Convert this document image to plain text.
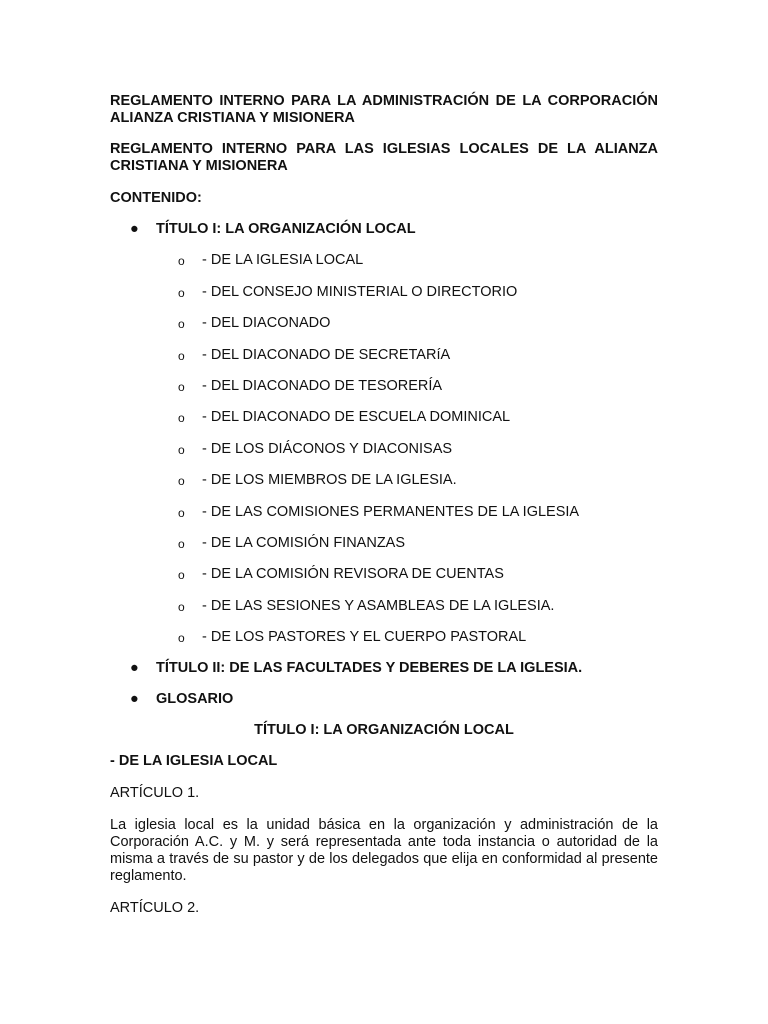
REGLAMENTO INTERNO PARA LA ADMINISTRACIÓN DE LA CORPORACIÓN ALIANZA CRISTIANA Y MISIONERA

REGLAMENTO INTERNO PARA LAS IGLESIAS LOCALES DE LA ALIANZA CRISTIANA Y MISIONERA

CONTENIDO:

● TÍTULO I: LA ORGANIZACIÓN LOCAL
o - DE LA IGLESIA LOCAL
o - DEL CONSEJO MINISTERIAL O DIRECTORIO
o - DEL DIACONADO
o - DEL DIACONADO DE SECRETARíA
o - DEL DIACONADO DE TESORERÍA
o - DEL DIACONADO DE ESCUELA DOMINICAL
o - DE LOS DIÁCONOS Y DIACONISAS
o - DE LOS MIEMBROS DE LA IGLESIA.
o - DE LAS COMISIONES PERMANENTES DE LA IGLESIA
o - DE LA COMISIÓN FINANZAS
o - DE LA COMISIÓN REVISORA DE CUENTAS
o - DE LAS SESIONES Y ASAMBLEAS DE LA IGLESIA.
o - DE LOS PASTORES Y EL CUERPO PASTORAL
● TÍTULO II: DE LAS FACULTADES Y DEBERES DE LA IGLESIA.
● GLOSARIO

TÍTULO I: LA ORGANIZACIÓN LOCAL

- DE LA IGLESIA LOCAL

ARTÍCULO 1.

La iglesia local es la unidad básica en la organización y administración de la Corporación A.C. y M. y será representada ante toda instancia o autoridad de la misma a través de su pastor y de los delegados que elija en conformidad al presente reglamento.

ARTÍCULO 2.
